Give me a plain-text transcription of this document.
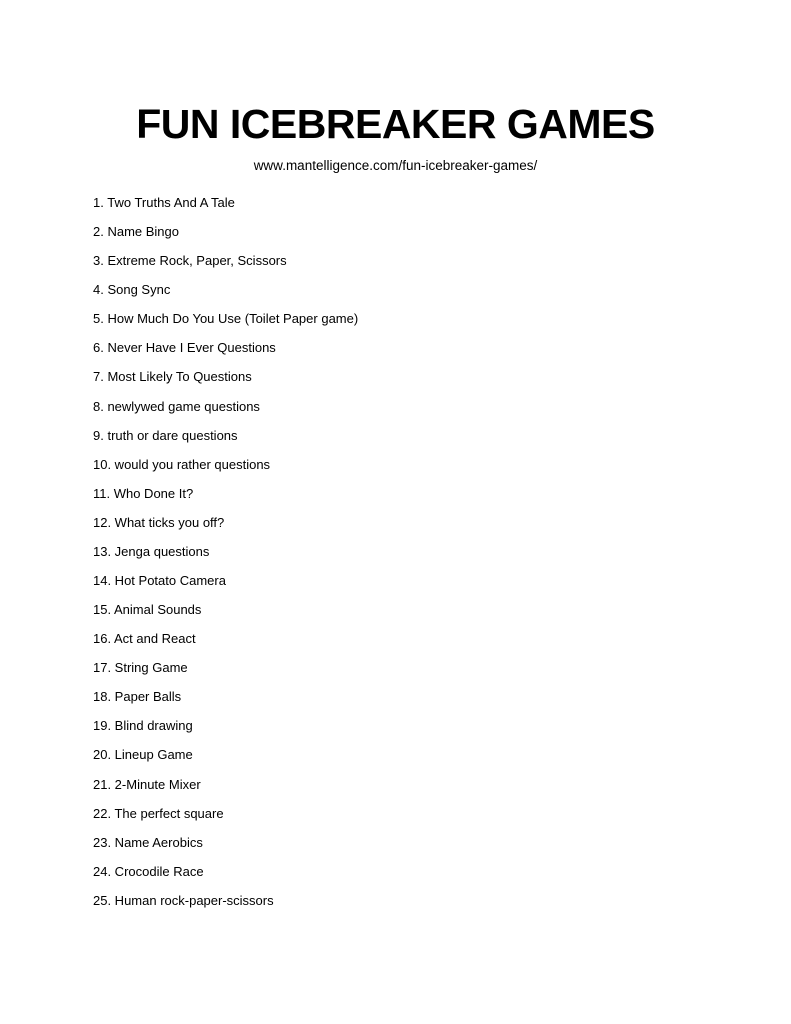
FUN ICEBREAKER GAMES
www.mantelligence.com/fun-icebreaker-games/
1. Two Truths And A Tale
2. Name Bingo
3. Extreme Rock, Paper, Scissors
4. Song Sync
5. How Much Do You Use (Toilet Paper game)
6. Never Have I Ever Questions
7. Most Likely To Questions
8. newlywed game questions
9. truth or dare questions
10. would you rather questions
11. Who Done It?
12. What ticks you off?
13. Jenga questions
14. Hot Potato Camera
15. Animal Sounds
16. Act and React
17. String Game
18. Paper Balls
19. Blind drawing
20. Lineup Game
21. 2-Minute Mixer
22. The perfect square
23. Name Aerobics
24. Crocodile Race
25. Human rock-paper-scissors
